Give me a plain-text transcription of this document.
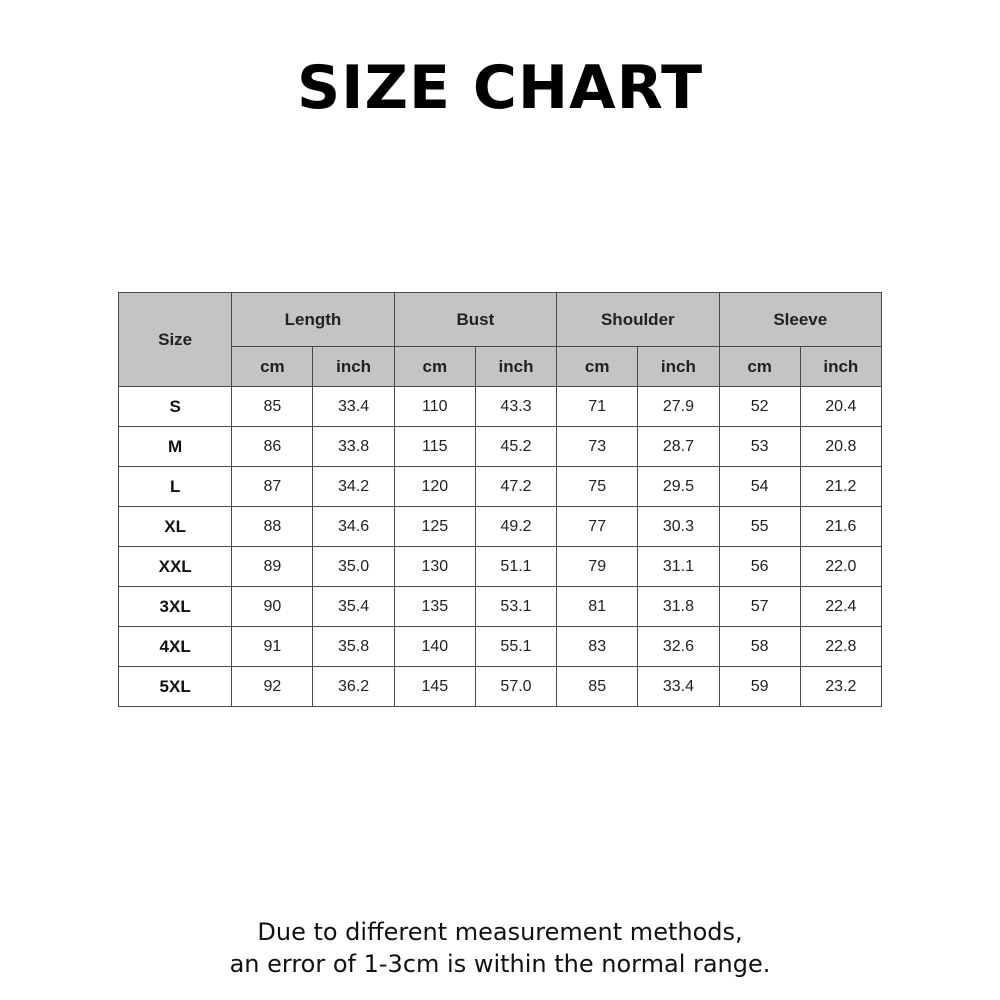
SIZE CHART
Size	Length		Bust		Shoulder		Sleeve	
	cm	inch	cm	inch	cm	inch	cm	inch
S	85	33.4	110	43.3	71	27.9	52	20.4
M	86	33.8	115	45.2	73	28.7	53	20.8
L	87	34.2	120	47.2	75	29.5	54	21.2
XL	88	34.6	125	49.2	77	30.3	55	21.6
XXL	89	35.0	130	51.1	79	31.1	56	22.0
3XL	90	35.4	135	53.1	81	31.8	57	22.4
4XL	91	35.8	140	55.1	83	32.6	58	22.8
5XL	92	36.2	145	57.0	85	33.4	59	23.2
Due to different measurement methods,
an error of 1-3cm is within the normal range.
